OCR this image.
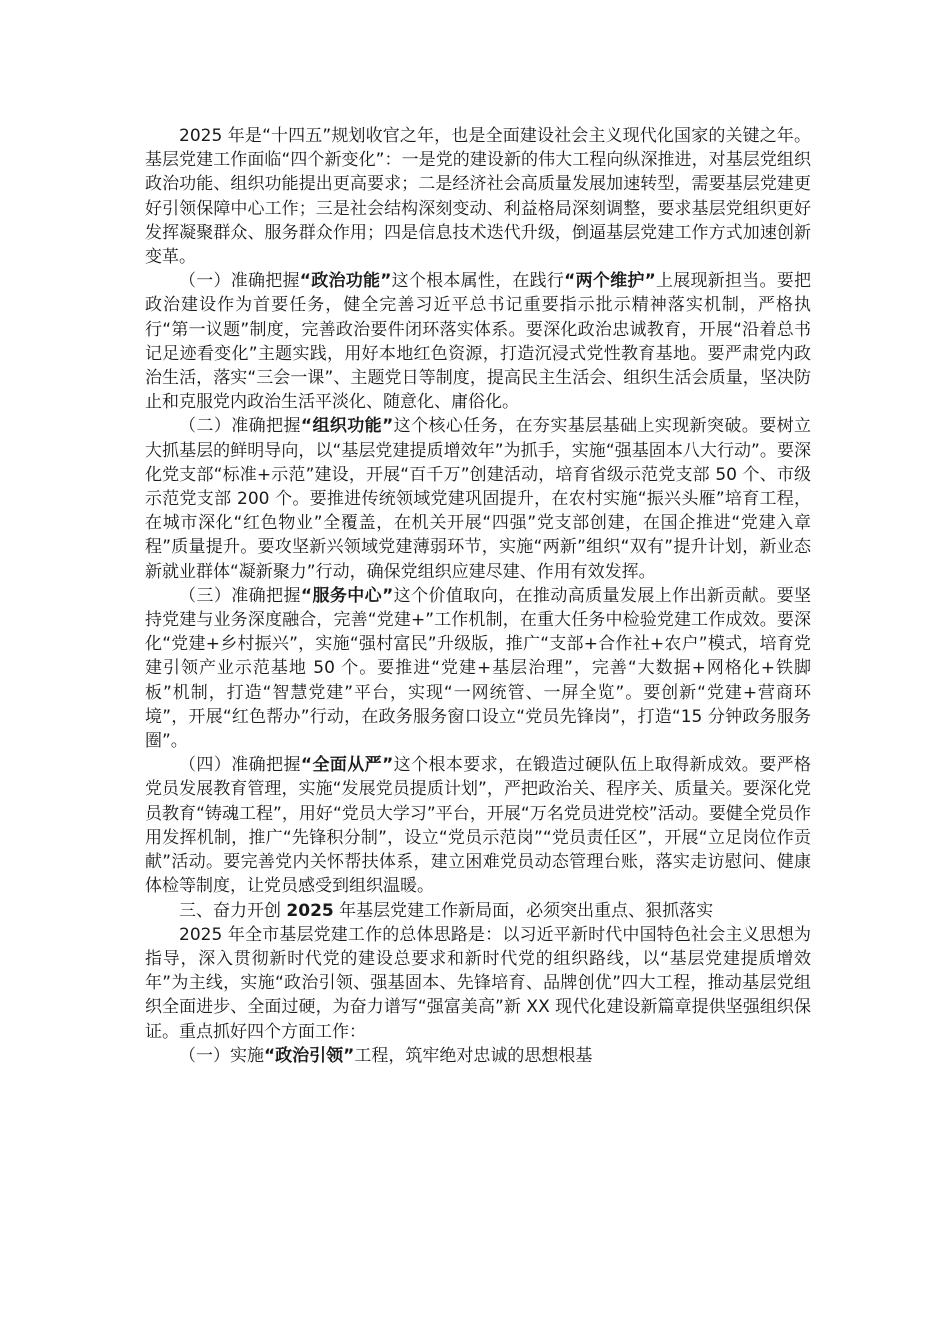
2025 年是“十四五”规划收官之年，也是全面建设社会主义现代化国家的关键之年。基层党建工作面临“四个新变化”：一是党的建设新的伟大工程向纵深推进，对基层党组织政治功能、组织功能提出更高要求；二是经济社会高质量发展加速转型，需要基层党建更好引领保障中心工作；三是社会结构深刻变动、利益格局深刻调整，要求基层党组织更好发挥凝聚群众、服务群众作用；四是信息技术迭代升级，倒逼基层党建工作方式加速创新变革。

（一）准确把握“政治功能”这个根本属性，在践行“两个维护”上展现新担当。要把政治建设作为首要任务，健全完善习近平总书记重要指示批示精神落实机制，严格执行“第一议题”制度，完善政治要件闭环落实体系。要深化政治忠诚教育，开展“沿着总书记足迹看变化”主题实践，用好本地红色资源，打造沉浸式党性教育基地。要严肃党内政治生活，落实“三会一课”、主题党日等制度，提高民主生活会、组织生活会质量，坚决防止和克服党内政治生活平淡化、随意化、庸俗化。

（二）准确把握“组织功能”这个核心任务，在夯实基层基础上实现新突破。要树立大抓基层的鲜明导向，以“基层党建提质增效年”为抓手，实施“强基固本八大行动”。要深化党支部“标准+示范”建设，开展“百千万”创建活动，培育省级示范党支部 50 个、市级示范党支部 200 个。要推进传统领域党建巩固提升，在农村实施“振兴头雁”培育工程，在城市深化“红色物业”全覆盖，在机关开展“四强”党支部创建，在国企推进“党建入章程”质量提升。要攻坚新兴领域党建薄弱环节，实施“两新”组织“双有”提升计划，新业态新就业群体“凝新聚力”行动，确保党组织应建尽建、作用有效发挥。

（三）准确把握“服务中心”这个价值取向，在推动高质量发展上作出新贡献。要坚持党建与业务深度融合，完善“党建+”工作机制，在重大任务中检验党建工作成效。要深化“党建+乡村振兴”，实施“强村富民”升级版，推广“支部+合作社+农户”模式，培育党建引领产业示范基地 50 个。要推进“党建+基层治理”，完善“大数据+网格化+铁脚板”机制，打造“智慧党建”平台，实现“一网统管、一屏全览”。要创新“党建+营商环境”，开展“红色帮办”行动，在政务服务窗口设立“党员先锋岗”，打造“15 分钟政务服务圈”。

（四）准确把握“全面从严”这个根本要求，在锻造过硬队伍上取得新成效。要严格党员发展教育管理，实施“发展党员提质计划”，严把政治关、程序关、质量关。要深化党员教育“铸魂工程”，用好“党员大学习”平台，开展“万名党员进党校”活动。要健全党员作用发挥机制，推广“先锋积分制”，设立“党员示范岗”“党员责任区”，开展“立足岗位作贡献”活动。要完善党内关怀帮扶体系，建立困难党员动态管理台账，落实走访慰问、健康体检等制度，让党员感受到组织温暖。

三、奋力开创 2025 年基层党建工作新局面，必须突出重点、狠抓落实

2025 年全市基层党建工作的总体思路是：以习近平新时代中国特色社会主义思想为指导，深入贯彻新时代党的建设总要求和新时代党的组织路线，以“基层党建提质增效年”为主线，实施“政治引领、强基固本、先锋培育、品牌创优”四大工程，推动基层党组织全面进步、全面过硬，为奋力谱写“强富美高”新 XX 现代化建设新篇章提供坚强组织保证。重点抓好四个方面工作：

（一）实施“政治引领”工程，筑牢绝对忠诚的思想根基
